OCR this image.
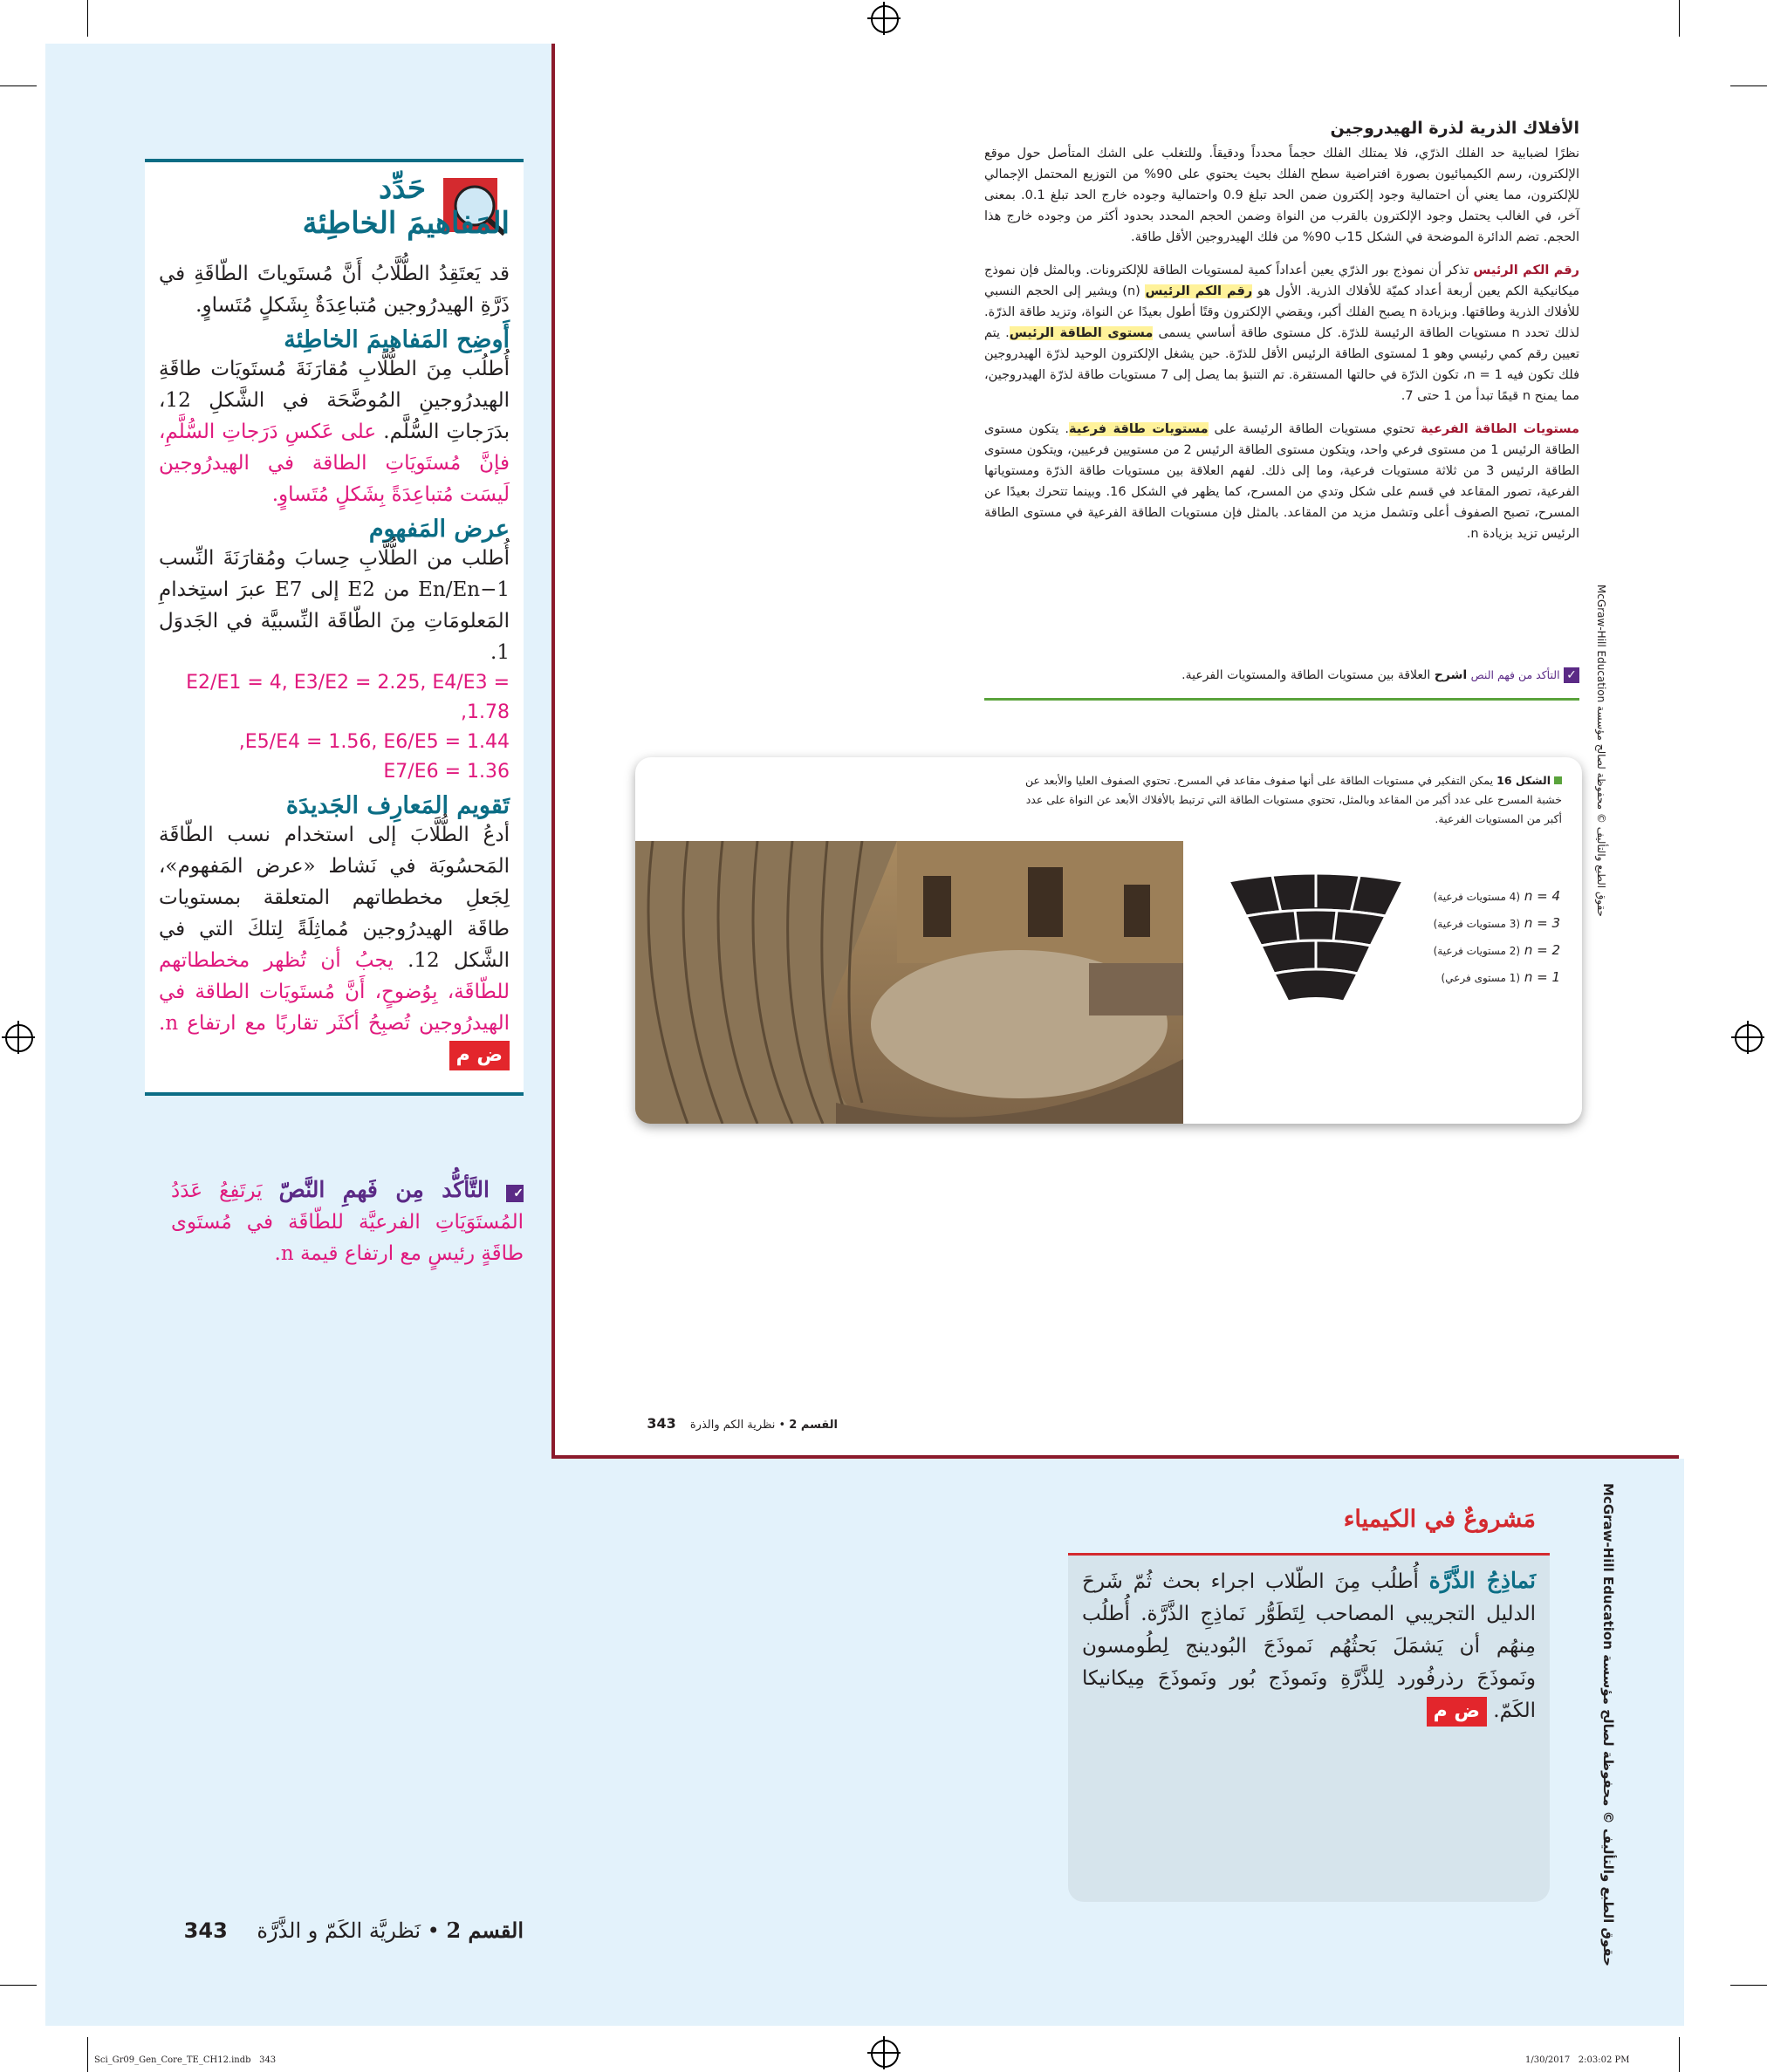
الأفلاك الذرية لذرة الهيدروجين

نظرًا لضبابية حد الفلك الذرّي، فلا يمتلك الفلك حجماً محدداً ودقيقاً. وللتغلب على الشك المتأصل حول موقع الإلكترون، رسم الكيميائيون بصورة افتراضية سطح الفلك بحيث يحتوي على 90% من التوزيع المحتمل الإجمالي للإلكترون، مما يعني أن احتمالية وجود إلكترون ضمن الحد تبلغ 0.9 واحتمالية وجوده خارج الحد تبلغ 0.1. بمعنى آخر، في الغالب يحتمل وجود الإلكترون بالقرب من النواة وضمن الحجم المحدد بحدود أكثر من وجوده خارج هذا الحجم. تضم الدائرة الموضحة في الشكل 15ب 90% من فلك الهيدروجين الأقل طاقة.

رقم الكم الرئيس تذكر أن نموذج بور الذرّي يعين أعداداً كمية لمستويات الطاقة للإلكترونات. وبالمثل فإن نموذج ميكانيكية الكم يعين أربعة أعداد كميّة للأفلاك الذرية. الأول هو رقم الكم الرئيس (n) ويشير إلى الحجم النسبي للأفلاك الذرية وطاقتها. وبزيادة n يصبح الفلك أكبر، ويقضي الإلكترون وقتًا أطول بعيدًا عن النواة، وتزيد طاقة الذرّة. لذلك تحدد n مستويات الطاقة الرئيسة للذرّة. كل مستوى طاقة أساسي يسمى مستوى الطاقة الرئيس. يتم تعيين رقم كمي رئيسي وهو 1 لمستوى الطاقة الرئيس الأقل للذرّة. حين يشغل الإلكترون الوحيد لذرّة الهيدروجين فلك تكون فيه n = 1، تكون الذرّة في حالتها المستقرة. تم التنبؤ بما يصل إلى 7 مستويات طاقة لذرّة الهيدروجين، مما يمنح n قيمًا تبدأ من 1 حتى 7.

مستويات الطاقة الفرعية تحتوي مستويات الطاقة الرئيسة على مستويات طاقة فرعية. يتكون مستوى الطاقة الرئيس 1 من مستوى فرعي واحد، ويتكون مستوى الطاقة الرئيس 2 من مستويين فرعيين، ويتكون مستوى الطاقة الرئيس 3 من ثلاثة مستويات فرعية، وما إلى ذلك. لفهم العلاقة بين مستويات طاقة الذرّة ومستوياتها الفرعية، تصور المقاعد في قسم على شكل وتدي من المسرح، كما يظهر في الشكل 16. وبينما تتحرك بعيدًا عن المسرح، تصبح الصفوف أعلى وتشمل مزيد من المقاعد. بالمثل فإن مستويات الطاقة الفرعية في مستوى الطاقة الرئيس تزيد بزيادة n.

✓ التأكد من فهم النص اشرح العلاقة بين مستويات الطاقة والمستويات الفرعية.
الشكل 16 يمكن التفكير في مستويات الطاقة على أنها صفوف مقاعد في المسرح. تحتوي الصفوف العليا والأبعد عن خشبة المسرح على عدد أكبر من المقاعد وبالمثل، تحتوي مستويات الطاقة التي ترتبط بالأفلاك الأبعد عن النواة على عدد أكبر من المستويات الفرعية.
n = 4 (4 مستويات فرعية)
n = 3 (3 مستويات فرعية)
n = 2 (2 مستويات فرعية)
n = 1 (1 مستوى فرعي)
حقوق الطبع والتأليف © محفوظة لصالح مؤسسة McGraw-Hill Education
القسم 2 • نظرية الكم والذرة 343
حَدِّد
المَفاهيمَ الخاطِئة
قد يَعتَقِدُ الطُّلَّابُ أَنَّ مُستَوياتَ الطّاقَةِ في ذَرَّةِ الهيدرُوجين مُتباعِدَةٌ بِشَكلٍ مُتَساوٍ.
أَوضِح المَفاهيمَ الخاطِئة
أُطلُب مِنَ الطُّلَّابِ مُقارَنَةَ مُستَويَات طاقَةِ الهيدرُوجينِ المُوضَّحَة في الشَّكلِ 12، بدَرَجاتِ السُّلَّم. على عَكسِ دَرَجاتِ السُّلَّمِ، فإنَّ مُستَويَاتِ الطاقة في الهيدرُوجين لَيسَت مُتباعِدَةً بِشَكلٍ مُتَساوٍ.
عرض المَفهوم
أُطلب من الطُّلَّابِ حِسابَ ومُقارَنَةَ النِّسب En/En−1 من E2 إلى E7 عبرَ استِخدامِ المَعلومَاتِ مِنَ الطّاقَة النِّسبيَّة في الجَدوَل 1.
E2/E1 = 4, E3/E2 = 2.25, E4/E3 = 1.78,
E5/E4 = 1.56, E6/E5 = 1.44,
E7/E6 = 1.36
تَقويم المَعارِف الجَديدَة
أدعُ الطُّلَّابَ إلى استخدام نسب الطّاقَة المَحسُوبَة في نَشاط «عرض المَفهوم»، لِجَعلِ مخططاتهم المتعلقة بمستويات طاقَة الهيدرُوجين مُماثِلَةً لِتلكَ التي في الشَّكل 12. يجبُ أن تُظهر مخططاتهم للطّاقَة، بِوُضوحٍ، أَنَّ مُستَويَات الطاقة في الهيدرُوجين تُصبِحُ أكثَر تقاربًا مع ارتفاع n. ض م
✓ التَّأكُّد مِن فَهمِ النَّصّ يَرتَفِعُ عَدَدُ المُستَوَيَاتِ الفرعيَّة للطّاقَة في مُستَوى طاقَةٍ رئيسٍ مع ارتفاع قيمة n.
مَشروعٌ في الكيمياء
نَماذِجُ الذَّرَّة أُطلُب مِنَ الطّلاب اجراء بحث ثُمّ شَرحَ الدليل التجريبي المصاحب لِتَطَوُّر نَماذِجِ الذَّرَّة. أُطلُب مِنهُم أن يَشمَلَ بَحثُهُم نَموذَجَ البُودينج لِطُومسون ونَموذَجَ رذرفُورد لِلذَّرَّةِ ونَموذَج بُور ونَموذَجَ مِيكانيكا الكَمّ. ض م
حقوق الطبع والتأليف © محفوظة لصالح مؤسسة McGraw-Hill Education
القسم 2 • نَظريَّة الكَمّ و الذَّرَّة 343
Sci_Gr09_Gen_Core_TE_CH12.indb   343	1/30/2017   2:03:02 PM
